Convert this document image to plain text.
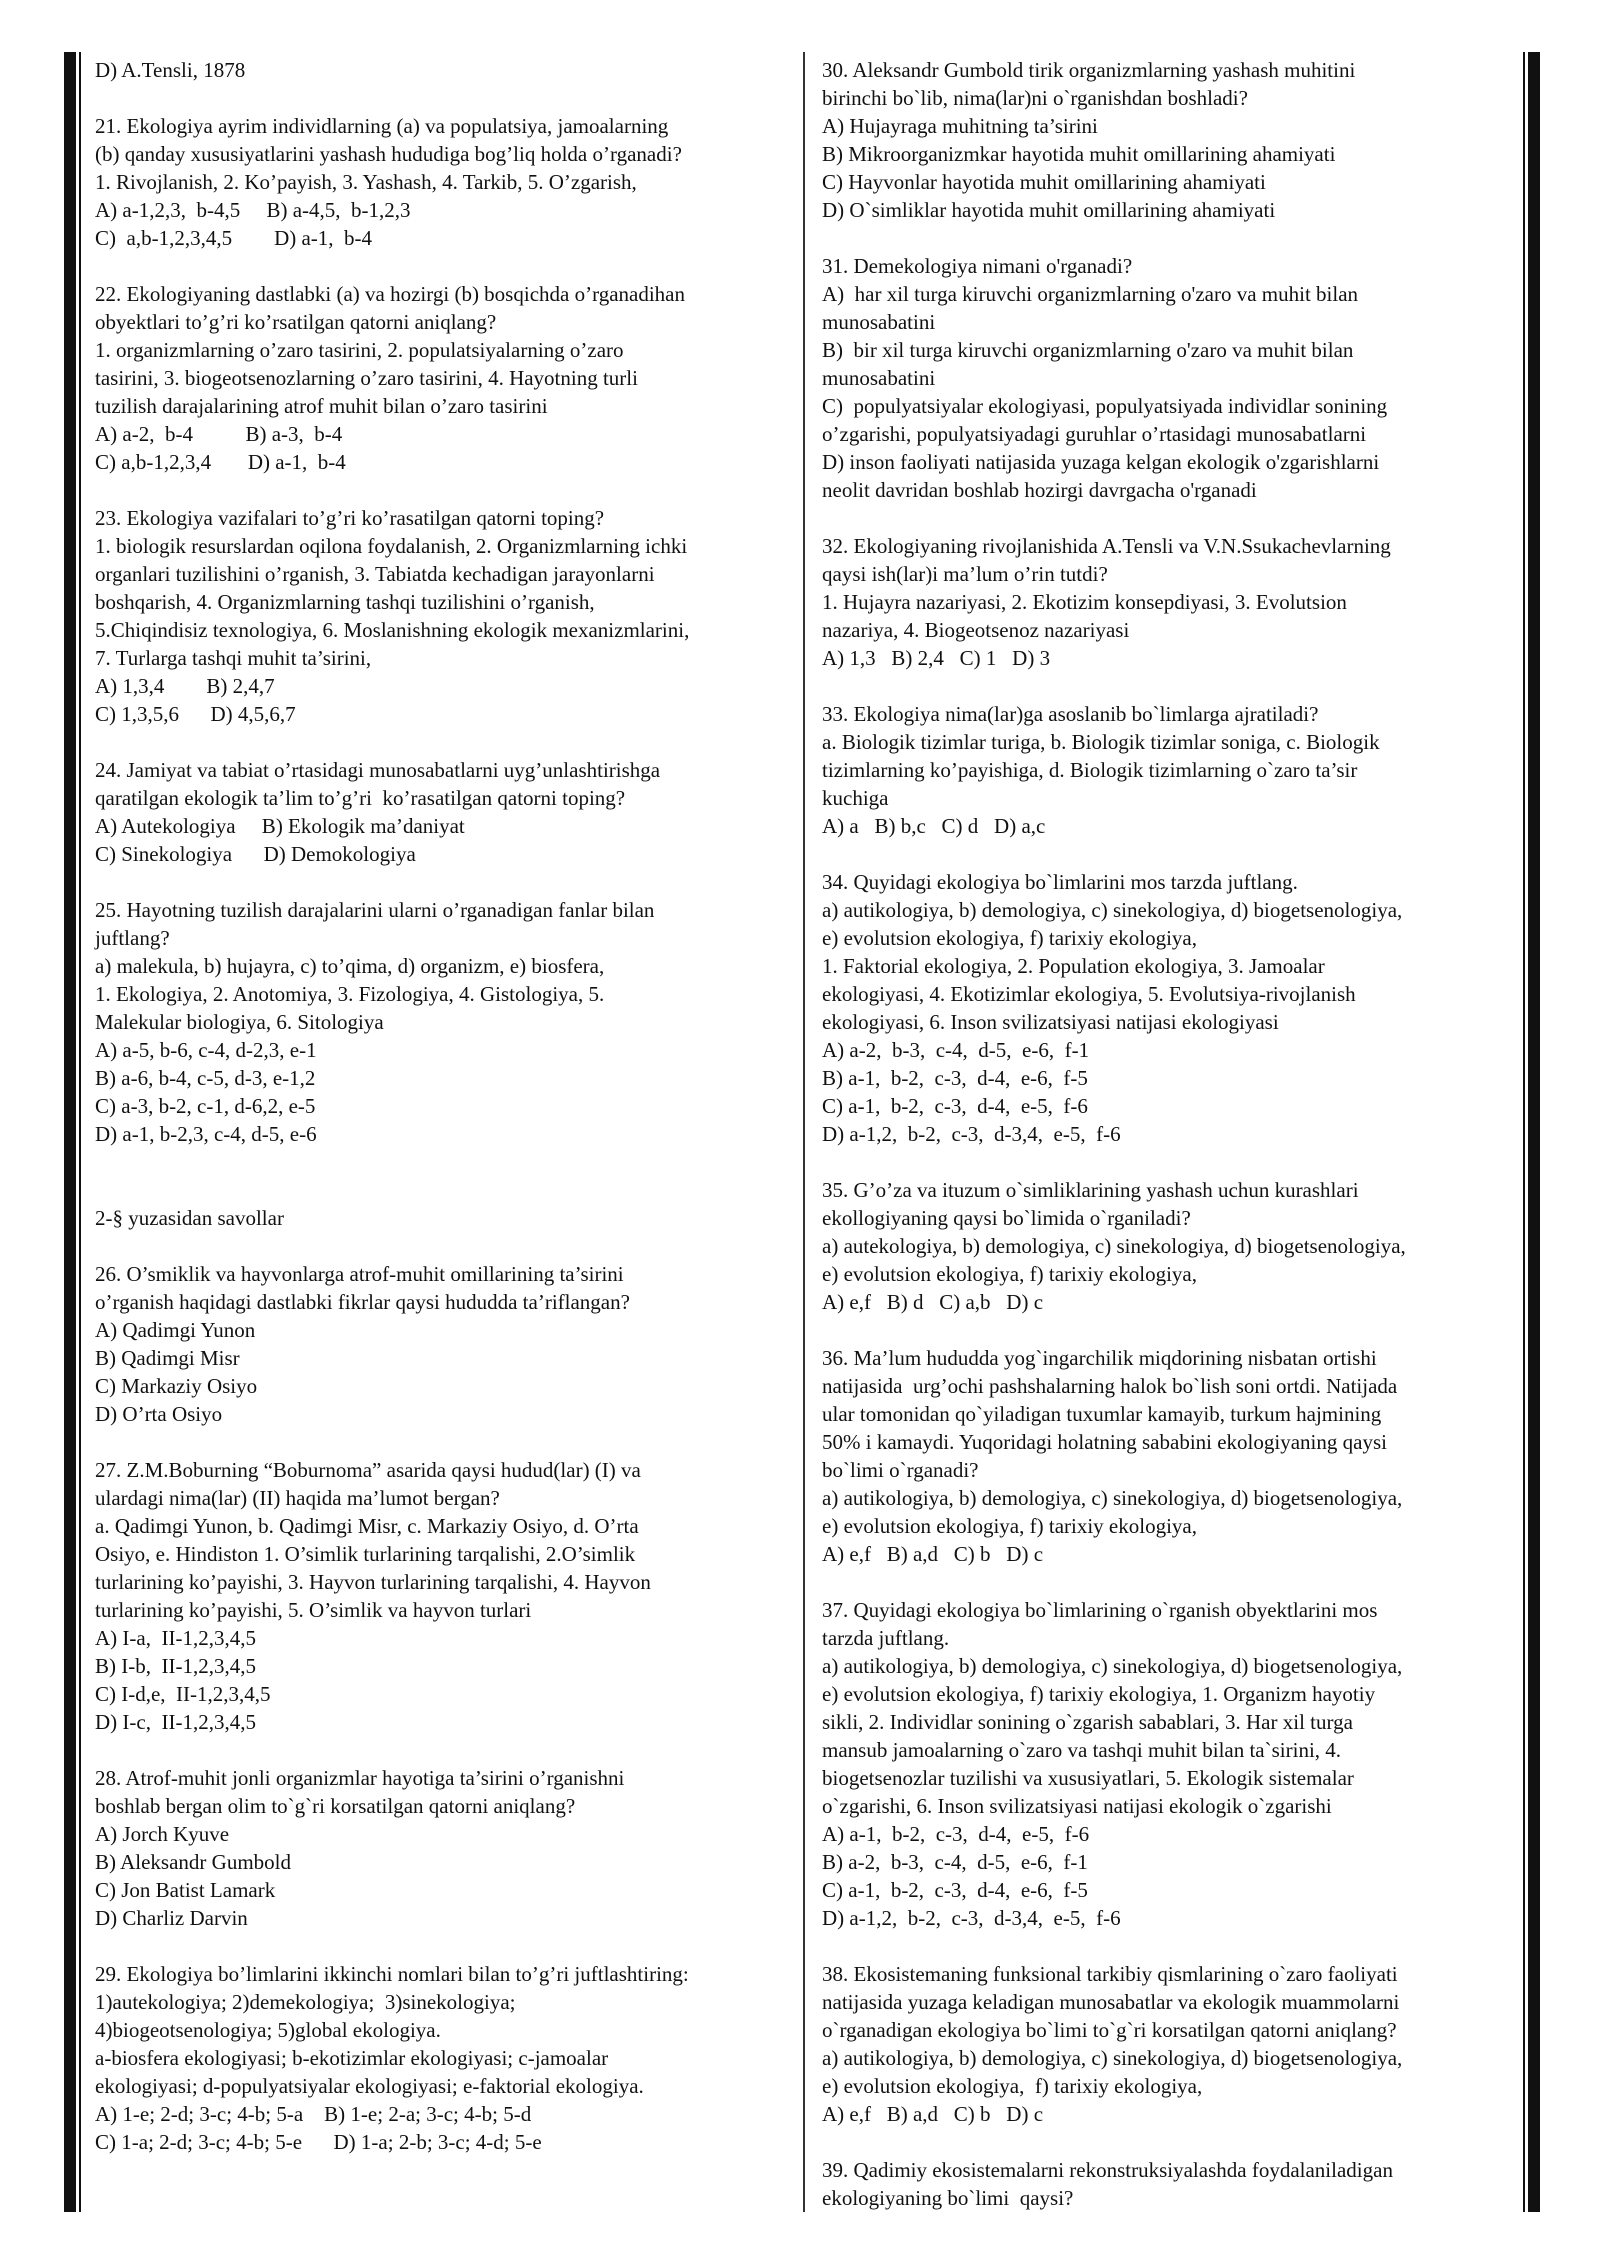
D) A.Tensli, 1878
21. Ekologiya ayrim individlarning (a) va populatsiya, jamoalarning
(b) qanday xususiyatlarini yashash hududiga bog’liq holda o’rganadi?
1. Rivojlanish, 2. Ko’payish, 3. Yashash, 4. Tarkib, 5. O’zgarish,
A) a-1,2,3,  b-4,5     B) a-4,5,  b-1,2,3
C)  a,b-1,2,3,4,5        D) a-1,  b-4
22. Ekologiyaning dastlabki (a) va hozirgi (b) bosqichda o’rganadihan
obyektlari to’g’ri ko’rsatilgan qatorni aniqlang?
1. organizmlarning o’zaro tasirini, 2. populatsiyalarning o’zaro
tasirini, 3. biogeotsenozlarning o’zaro tasirini, 4. Hayotning turli
tuzilish darajalarining atrof muhit bilan o’zaro tasirini
A) a-2,  b-4          B) a-3,  b-4
C) a,b-1,2,3,4       D) a-1,  b-4
23. Ekologiya vazifalari to’g’ri ko’rasatilgan qatorni toping?
1. biologik resurslardan oqilona foydalanish, 2. Organizmlarning ichki
organlari tuzilishini o’rganish, 3. Tabiatda kechadigan jarayonlarni
boshqarish, 4. Organizmlarning tashqi tuzilishini o’rganish,
5.Chiqindisiz texnologiya, 6. Moslanishning ekologik mexanizmlarini,
7. Turlarga tashqi muhit ta’sirini,
A) 1,3,4        B) 2,4,7
C) 1,3,5,6      D) 4,5,6,7
24. Jamiyat va tabiat o’rtasidagi munosabatlarni uyg’unlashtirishga
qaratilgan ekologik ta’lim to’g’ri  ko’rasatilgan qatorni toping?
A) Autekologiya     B) Ekologik ma’daniyat
C) Sinekologiya      D) Demokologiya
25. Hayotning tuzilish darajalarini ularni o’rganadigan fanlar bilan
juftlang?
a) malekula, b) hujayra, c) to’qima, d) organizm, e) biosfera,
1. Ekologiya, 2. Anotomiya, 3. Fizologiya, 4. Gistologiya, 5.
Malekular biologiya, 6. Sitologiya
A) a-5, b-6, c-4, d-2,3, e-1
B) a-6, b-4, c-5, d-3, e-1,2
C) a-3, b-2, c-1, d-6,2, e-5
D) a-1, b-2,3, c-4, d-5, e-6
2-§ yuzasidan savollar
26. O’smiklik va hayvonlarga atrof-muhit omillarining ta’sirini
o’rganish haqidagi dastlabki fikrlar qaysi hududda ta’riflangan?
A) Qadimgi Yunon
B) Qadimgi Misr
C) Markaziy Osiyo
D) O’rta Osiyo
27. Z.M.Boburning “Boburnoma” asarida qaysi hudud(lar) (I) va
ulardagi nima(lar) (II) haqida ma’lumot bergan?
a. Qadimgi Yunon, b. Qadimgi Misr, c. Markaziy Osiyo, d. O’rta
Osiyo, e. Hindiston 1. O’simlik turlarining tarqalishi, 2.O’simlik
turlarining ko’payishi, 3. Hayvon turlarining tarqalishi, 4. Hayvon
turlarining ko’payishi, 5. O’simlik va hayvon turlari
A) I-a,  II-1,2,3,4,5
B) I-b,  II-1,2,3,4,5
C) I-d,e,  II-1,2,3,4,5
D) I-c,  II-1,2,3,4,5
28. Atrof-muhit jonli organizmlar hayotiga ta’sirini o’rganishni
boshlab bergan olim to`g`ri korsatilgan qatorni aniqlang?
A) Jorch Kyuve
B) Aleksandr Gumbold
C) Jon Batist Lamark
D) Charliz Darvin
29. Ekologiya bo’limlarini ikkinchi nomlari bilan to’g’ri juftlashtiring:
1)autekologiya; 2)demekologiya;  3)sinekologiya;
4)biogeotsenologiya; 5)global ekologiya.
a-biosfera ekologiyasi; b-ekotizimlar ekologiyasi; c-jamoalar
ekologiyasi; d-populyatsiyalar ekologiyasi; e-faktorial ekologiya.
A) 1-e; 2-d; 3-c; 4-b; 5-a    B) 1-e; 2-a; 3-c; 4-b; 5-d
C) 1-a; 2-d; 3-c; 4-b; 5-e      D) 1-a; 2-b; 3-c; 4-d; 5-e
30. Aleksandr Gumbold tirik organizmlarning yashash muhitini
birinchi bo`lib, nima(lar)ni o`rganishdan boshladi?
A) Hujayraga muhitning ta’sirini
B) Mikroorganizmkar hayotida muhit omillarining ahamiyati
C) Hayvonlar hayotida muhit omillarining ahamiyati
D) O`simliklar hayotida muhit omillarining ahamiyati
31. Demekologiya nimani o'rganadi?
A)  har xil turga kiruvchi organizmlarning o'zaro va muhit bilan
munosabatini
B)  bir xil turga kiruvchi organizmlarning o'zaro va muhit bilan
munosabatini
C)  populyatsiyalar ekologiyasi, populyatsiyada individlar sonining
o’zgarishi, populyatsiyadagi guruhlar o’rtasidagi munosabatlarni
D) inson faoliyati natijasida yuzaga kelgan ekologik o'zgarishlarni
neolit davridan boshlab hozirgi davrgacha o'rganadi
32. Ekologiyaning rivojlanishida A.Tensli va V.N.Ssukachevlarning
qaysi ish(lar)i ma’lum o’rin tutdi?
1. Hujayra nazariyasi, 2. Ekotizim konsepdiyasi, 3. Evolutsion
nazariya, 4. Biogeotsenoz nazariyasi
A) 1,3   B) 2,4   C) 1   D) 3
33. Ekologiya nima(lar)ga asoslanib bo`limlarga ajratiladi?
a. Biologik tizimlar turiga, b. Biologik tizimlar soniga, c. Biologik
tizimlarning ko’payishiga, d. Biologik tizimlarning o`zaro ta’sir
kuchiga
A) a   B) b,c   C) d   D) a,c
34. Quyidagi ekologiya bo`limlarini mos tarzda juftlang.
a) autikologiya, b) demologiya, c) sinekologiya, d) biogetsenologiya,
e) evolutsion ekologiya, f) tarixiy ekologiya,
1. Faktorial ekologiya, 2. Population ekologiya, 3. Jamoalar
ekologiyasi, 4. Ekotizimlar ekologiya, 5. Evolutsiya-rivojlanish
ekologiyasi, 6. Inson svilizatsiyasi natijasi ekologiyasi
A) a-2,  b-3,  c-4,  d-5,  e-6,  f-1
B) a-1,  b-2,  c-3,  d-4,  e-6,  f-5
C) a-1,  b-2,  c-3,  d-4,  e-5,  f-6
D) a-1,2,  b-2,  c-3,  d-3,4,  e-5,  f-6
35. G’o’za va ituzum o`simliklarining yashash uchun kurashlari
ekollogiyaning qaysi bo`limida o`rganiladi?
a) autekologiya, b) demologiya, c) sinekologiya, d) biogetsenologiya,
e) evolutsion ekologiya, f) tarixiy ekologiya,
A) e,f   B) d   C) a,b   D) c
36. Ma’lum hududda yog`ingarchilik miqdorining nisbatan ortishi
natijasida  urg’ochi pashshalarning halok bo`lish soni ortdi. Natijada
ular tomonidan qo`yiladigan tuxumlar kamayib, turkum hajmining
50% i kamaydi. Yuqoridagi holatning sababini ekologiyaning qaysi
bo`limi o`rganadi?
a) autikologiya, b) demologiya, c) sinekologiya, d) biogetsenologiya,
e) evolutsion ekologiya, f) tarixiy ekologiya,
A) e,f   B) a,d   C) b   D) c
37. Quyidagi ekologiya bo`limlarining o`rganish obyektlarini mos
tarzda juftlang.
a) autikologiya, b) demologiya, c) sinekologiya, d) biogetsenologiya,
e) evolutsion ekologiya, f) tarixiy ekologiya, 1. Organizm hayotiy
sikli, 2. Individlar sonining o`zgarish sabablari, 3. Har xil turga
mansub jamoalarning o`zaro va tashqi muhit bilan ta`sirini, 4.
biogetsenozlar tuzilishi va xususiyatlari, 5. Ekologik sistemalar
o`zgarishi, 6. Inson svilizatsiyasi natijasi ekologik o`zgarishi
A) a-1,  b-2,  c-3,  d-4,  e-5,  f-6
B) a-2,  b-3,  c-4,  d-5,  e-6,  f-1
C) a-1,  b-2,  c-3,  d-4,  e-6,  f-5
D) a-1,2,  b-2,  c-3,  d-3,4,  e-5,  f-6
38. Ekosistemaning funksional tarkibiy qismlarining o`zaro faoliyati
natijasida yuzaga keladigan munosabatlar va ekologik muammolarni
o`rganadigan ekologiya bo`limi to`g`ri korsatilgan qatorni aniqlang?
a) autikologiya, b) demologiya, c) sinekologiya, d) biogetsenologiya,
e) evolutsion ekologiya,  f) tarixiy ekologiya,
A) e,f   B) a,d   C) b   D) c
39. Qadimiy ekosistemalarni rekonstruksiyalashda foydalaniladigan
ekologiyaning bo`limi  qaysi?
